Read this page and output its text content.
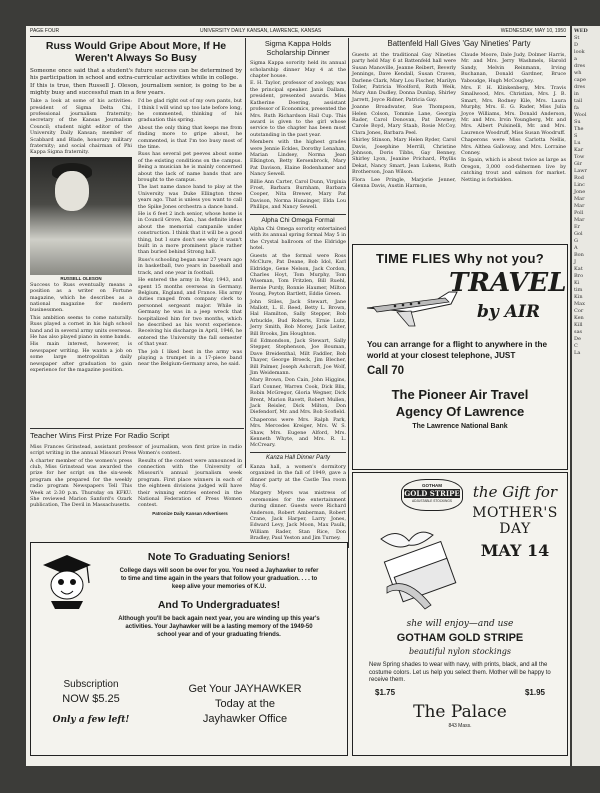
PAGE FOUR	UNIVERSITY DAILY KANSAN, LAWRENCE, KANSAS	WEDNESDAY, MAY 10, 1950
Russ Would Gripe About More, If He Weren't Always So Busy

Someone once said that a student's future success can be determined by his participation in school and extra-curricular activities while in college.

If this is true, then Russell J. Oleson, journalism senior, is going to be a mighty busy and successful man in a few years.

Take a look at some of his activities: president of Sigma Delta Chi, professional journalism fraternity; secretary of the Kansas Journalism Council; student night editor of the University Daily Kansan; member of Scabbard and Blade, honorary military fraternity; and social chairman of Phi Kappa Sigma fraternity.

RUSSELL OLESON

Success to Russ eventually means a position as a writer on Fortune magazine, which he describes as a national magazine for modern businessmen.

This ambition seems to come naturally. Russ played a cornet in his high school band and in several army units overseas. He has also played piano in some bands.

His main interest, however, is newspaper writing. He wants a job on some large metropolitan daily newspaper after graduation to gain experience for the magazine position.

I'd be glad right out of my own pants, but I think I will wind up too late before long, he commented, thinking of his graduation this spring.

About the only thing that keeps me from finding more to gripe about, he commented, is that I'm too busy most of the time.

Russ has several pet peeves about some of the existing conditions on the campus. Being a musician he is mainly concerned about the lack of name bands that are brought to the campus.

The last name dance band to play at the University was Duke Ellington three years ago. That is unless you want to call the Spike Jones orchestra a dance band.

He is 6 feet 2 inch senior, whose home is in Council Grove, Kan., has definite ideas about the memorial campanile under construction. I think that it will be a good thing, but I sure don't see why it wasn't built in a more prominent place rather than buried behind Strong hall.

Russ's schooling began near 27 years ago in basketball, two years in baseball and track, and one year in football.

He entered the army in May, 1943, and spent 15 months overseas in Germany, Belgium, England, and France. His army duties ranged from company clerk to personnel sergeant major. While in Germany he was in a jeep wreck that hospitalized him for two months, which he described as his worst experience. Receiving his discharge in April, 1946, he entered the University the fall semester of that year.

The job I liked best in the army was playing a trumpet in a 17-piece band near the Belgium-Germany area, he said.

Teacher Wins First Prize For Radio Script

Miss Frances Grinstead, assistant professor of journalism, won first prize in radio script writing in the annual Missouri Press Women's contest.

A charter member of the women's press club, Miss Grinstead was awarded the prize for her script on the six-week program she prepared for the weekly radio program Newspapers Tell This Week at 2:30 p.m. Thursday on KFKU. She reviewed Marion Sanford's Ozark publication, The Devil in Massachusetts.

Results of the contest were announced in connection with the University of Missouri's annual journalism week program. First place winners in each of the eighteen divisions judged will have their winning entries entered in the National Federation of Press Women contest.

Patronize Daily Kansan Advertisers
Sigma Kappa Holds Scholarship Dinner

Sigma Kappa sorority held its annual scholarship dinner May 4 at the chapter house.

E. H. Taylor, professor of zoology, was the principal speaker. Janis Dallam, president, presented awards. Miss Katherine Doering, assistant professor of Economics, presented the Mrs. Ruth Richardson Hail Cup. This award is given to the girl whose service to the chapter has been most outstanding in the past year.

Members with the highest grades were Jennie Eckles, Dorothy Lenahan, Marian Lindsey, Norma Jean Elkington, Betty Kersenbrock, Mary Pat Davison, Elaine Bodenhamer and Nancy Sewell.

Billie Ann Carter, Carol Dunn, Virginia Frost, Barbara Burnham, Barbara Cooper, Nita Brewer, Mary Pat Davison, Norma Hunsinger, Elda Lou Phillips, and Nancy Sewell.

Alpha Chi Omega Formal

Alpha Chi Omega sorority entertained with its annual spring formal May 5 in the Crystal ballroom of the Eldridge hotel.

Guests at the formal were Ross McClure, Pat Deane, Bob Idol, Karl Eldridge, Gene Nelson, Jack Cordon, Charles Hoyt, Tom Murphy, Tom Wiseman, Tom Fritzlen, Bill Ruehl, Bernie Purdy, Ronnie Haumer, Milton Young, Peyton Bartlett, Eddie Green.

John Stiles, Jack Stewart, Jane Mallott, L. E. Reed, Betty L. Brown, Hal Hamilton, Sally Stepper, Bob Arbuckle, Bud Roberts, Ernie Lutz, Jerry Smith, Bob Morey, Jack Leiter, Bill Brooks, Jim Houghton.

Ed Edmondson, Jack Stewart, Sally Stepper, Stephenson, Joe Bouman, Dave Breidenthal, Milt Faddler, Bob Thayer, George Broeck, Jim Blecher, Bill Palmer, Joseph Ashcraft, Joe Wolf, Jim Weidemann.

Mary Brown, Don Cain, John Higgins, Earl Conner, Warren Cook, Dick Blix, Robin McGregor, Gloria Wegner, Dick Brent, Marion Ravett, Robert Mullen, Jack Reisler, Dick Milton, Don Diefendorf, Mr. and Mrs. Bob Scofield.

Chaperons were Mrs. Ralph Park, Mrs. Mercedes Kreiger, Mrs. W. S. Shaw, Mrs. Eugene Alford, Mrs. Kenneth Whyte, and Mrs. R. L. McCreary.

Kanza Hall Dinner Party

Kanza hall, a women's dormitory organized in the fall of 1949, gave a dinner party at the Castle Tea room May 6.

Margery Myers was mistress of ceremonies for the entertainment during dinner. Guests were Richard Anderson, Robert Amberman, Robert Crane, Jack Harper, Larry Jones, Edward Levy, Jack Moon, Max Paulk, William Rader, Stan Rice, Don Bradley, Paul Yeston and Jim Turney.

Battenfeld Hall Gives 'Gay Nineties' Party

Guests at the traditional Gay Nineties party held May 6 at Battenfeld hall were Susan Manoville, Jeanne Reibert, Beverly Jennings, Dave Kendall, Susan Craven, Darlene Clark, Mary Lou Fischer, Marilyn Toller, Patricia Woolford, Ruth Weik, Mary Ann Dudley, Donna Dunlap, Shirley Jarrett, Joyce Ridner, Patricia Gay.

Joanne Broadwater, Sue Thompson, Helen Colson, Tommie Lane, Georgia Rader, Carol Donovan, Pat Downey, Carole Boyd, Mary Staab, Rosie McCoy, Clara Jones, Barbara Peel.

Shirley Stinson, Mary Helen Ryder, Carol Davis, Josephine Merrill, Christine Johnson, Doris Tibbs, Gay Benney, Shirley Lyon, Jeanine Prichard, Phyllis Dekat, Nancy Smart, Jean Lukens, Ruth Brotherson, Joan Wilson.

Flora Lee Pringle, Marjorie Jenner, Glenna Davis, Austin Harmon,

Claude Moore, Dale Judy, Dolmer Harris, Mr. and Mrs. Jerry Washmels, Harold Sandy, Melvin Reinmann, Irving Buchanan, Donald Gardner, Bruce Yaboudge, Hugh McCoughey.

Mrs. F. H. Klinkenberg, Mrs. Travis Smallwood, Mrs. Christian, Mrs. J. B. Smart, Mrs. Rodney Kile, Mrs. Laura Murphy, Mrs. E. G. Rader, Miss Julia Joyce Williams, Mrs. Donald Anderson, Mr. and Mrs. Irvin Youngberg, Mr. and Mrs. Albert Pulsinelli, Mr. and Mrs. Laurence Woodruff, Miss Susan Woodruff.

Chaperons were Miss Carlotta Nellis, Mrs. Althea Galloway, and Mrs. Lorraine Conney.

In Spain, which is about twice as large as Oregon, 3,000 cod-fishermen live by catching trout and salmon for market. Netting is forbidden.

TIME FLIES Why not you?
TRAVEL
by AIR
You can arrange for a flight to anywhere in the world at your closest telephone, JUST
Call 70
The Pioneer Air Travel
Agency Of Lawrence
The Lawrence National Bank
GOTHAM
GOLD STRIPE
ADJUSTABLE STOCKINGS	the Gift for
MOTHER'S DAY
MAY 14
she will enjoy—and use
GOTHAM GOLD STRIPE
beautiful nylon stockings
New Spring shades to wear with navy, with prints, black, and all the costume colors. Let us help you select them. Mother will be happy to receive them.
$1.75	$1.95
The Palace
843 Mass.
Note To Graduating Seniors!
College days will soon be over for you. You need a Jayhawker to refer to time and time again in the years that follow your graduation. . . . to keep alive your memories of K.U.
And To Undergraduates!
Although you'll be back again next year, you are winding up this year's activities. Your Jayhawker will be a lasting memory of the 1949-50 school year and of your graduating friends.
Subscription
NOW $5.25
Only a few left!
Get Your JAYHAWKER
Today at the
Jayhawker Office
WED
St
D
look
a
dres
wh
cape
dres
in
tail
fa
Wool
Su
The
S
Lu
Kar
Tow
Gir
Lawr
Rod
Linc
Jone
Mar
Mar
Poll
Mar
Er
Gol
G
A
Bon
J
Kat
Bro
Ki
tim
Kin
Max
Cor
Ken
Kill
sas
De
C
La
